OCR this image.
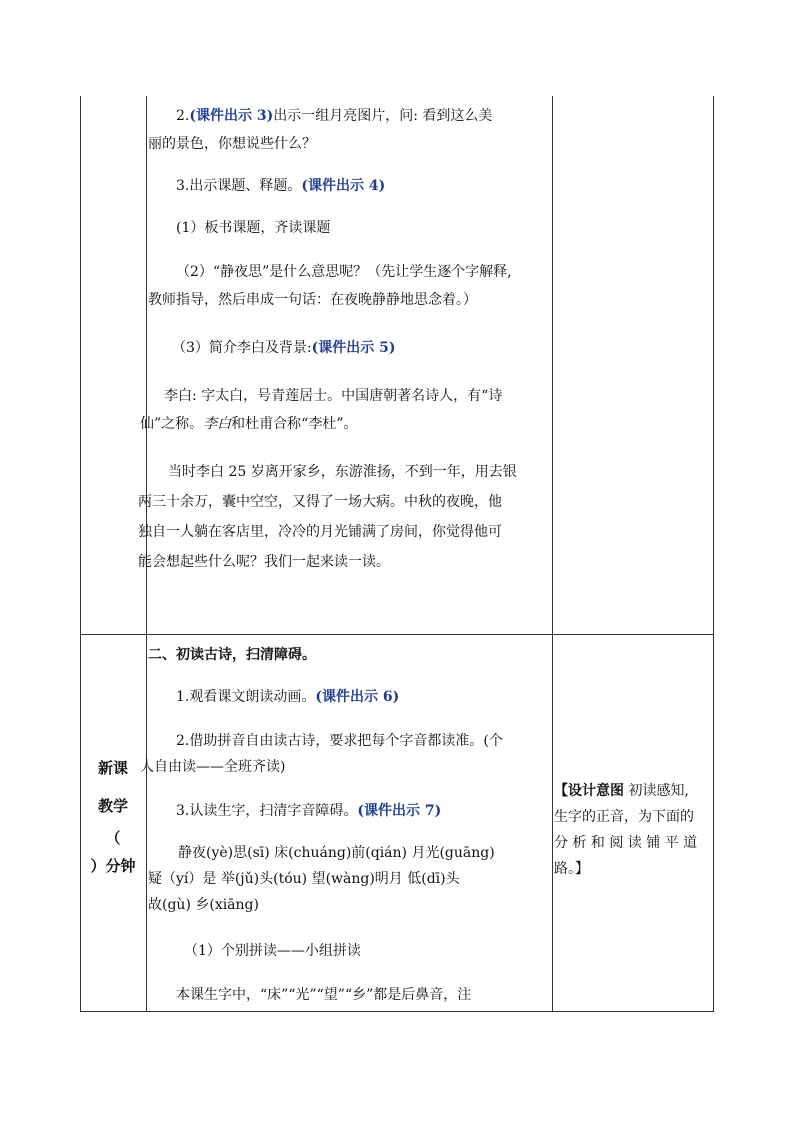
2.(课件出示 3)出示一组月亮图片，问: 看到这么美
丽的景色，你想说些什么？
3.出示课题、释题。(课件出示 4)
(1）板书课题，齐读课题
（2）“静夜思”是什么意思呢？（先让学生逐个字解释,
教师指导，然后串成一句话：在夜晚静静地思念着。）
（3）简介李白及背景:(课件出示 5)
李白: 字太白，号青莲居士。中国唐朝著名诗人，有“诗
仙”之称。李白和杜甫合称“李杜”。
当时李白 25 岁离开家乡，东游淮扬，不到一年，用去银
两三十余万，囊中空空，又得了一场大病。中秋的夜晚，他
独自一人躺在客店里，冷冷的月光铺满了房间，你觉得他可
能会想起些什么呢？我们一起来读一读。
新课
教学
（
）分钟
二、初读古诗，扫清障碍。
1.观看课文朗读动画。(课件出示 6)
2.借助拼音自由读古诗，要求把每个字音都读准。(个
人自由读——全班齐读)
3.认读生字，扫清字音障碍。(课件出示 7)
静夜(yè)思(sī) 床(chuáng)前(qián) 月光(guāng)
疑（yí）是 举(jǔ)头(tóu) 望(wàng)明月 低(dī)头
故(gù) 乡(xiāng)
（1）个别拼读——小组拼读
本课生字中，“床”“光”“望”“乡”都是后鼻音，注
【设计意图 初读感知,
生字的正音，为下面的
分 析 和 阅 读 铺 平 道
路。】
